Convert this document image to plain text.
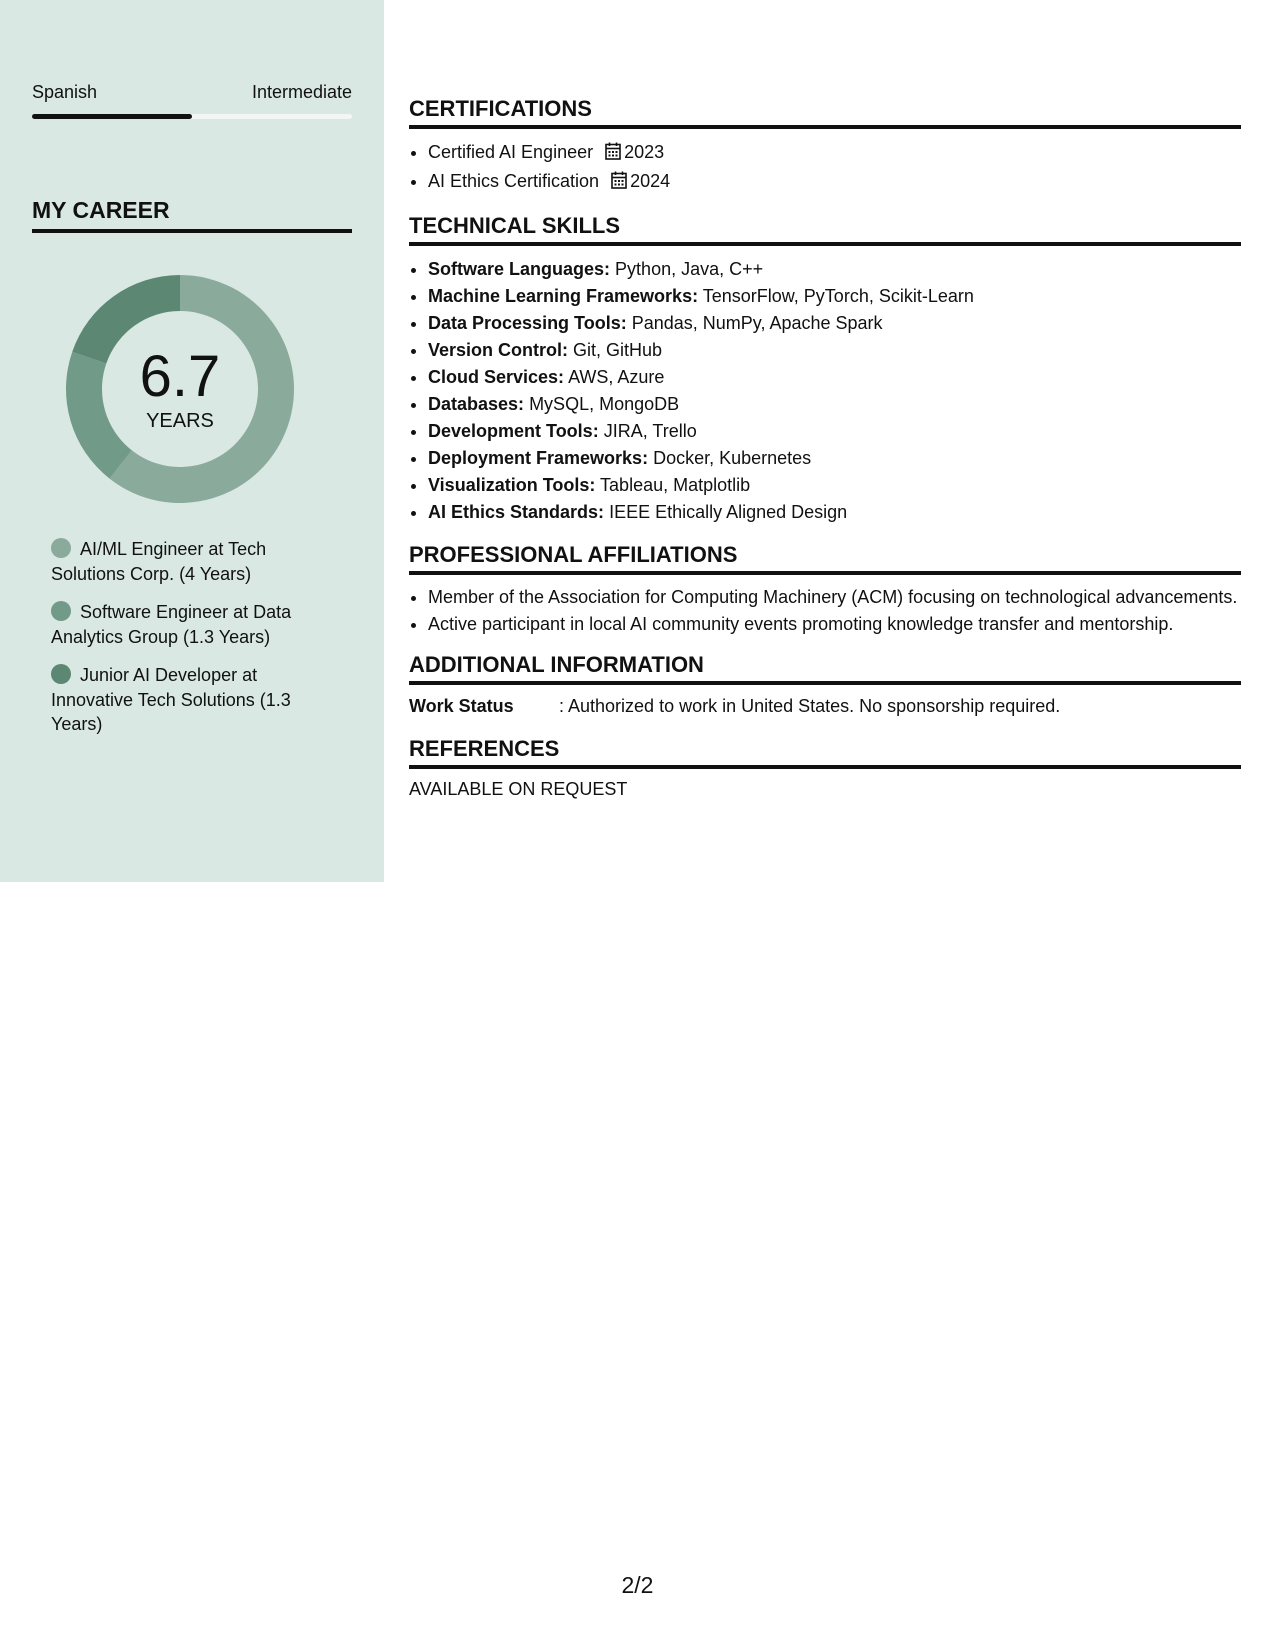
Spanish	Intermediate
MY CAREER
6.7
YEARS
AI/ML Engineer at Tech Solutions Corp. (4 Years)
Software Engineer at Data Analytics Group (1.3 Years)
Junior AI Developer at Innovative Tech Solutions (1.3 Years)
CERTIFICATIONS
• Certified AI Engineer 2023
• AI Ethics Certification 2024
TECHNICAL SKILLS
• Software Languages: Python, Java, C++
• Machine Learning Frameworks: TensorFlow, PyTorch, Scikit-Learn
• Data Processing Tools: Pandas, NumPy, Apache Spark
• Version Control: Git, GitHub
• Cloud Services: AWS, Azure
• Databases: MySQL, MongoDB
• Development Tools: JIRA, Trello
• Deployment Frameworks: Docker, Kubernetes
• Visualization Tools: Tableau, Matplotlib
• AI Ethics Standards: IEEE Ethically Aligned Design
PROFESSIONAL AFFILIATIONS
• Member of the Association for Computing Machinery (ACM) focusing on technological advancements.
• Active participant in local AI community events promoting knowledge transfer and mentorship.
ADDITIONAL INFORMATION
Work Status	: Authorized to work in United States. No sponsorship required.
REFERENCES
AVAILABLE ON REQUEST
2/2
